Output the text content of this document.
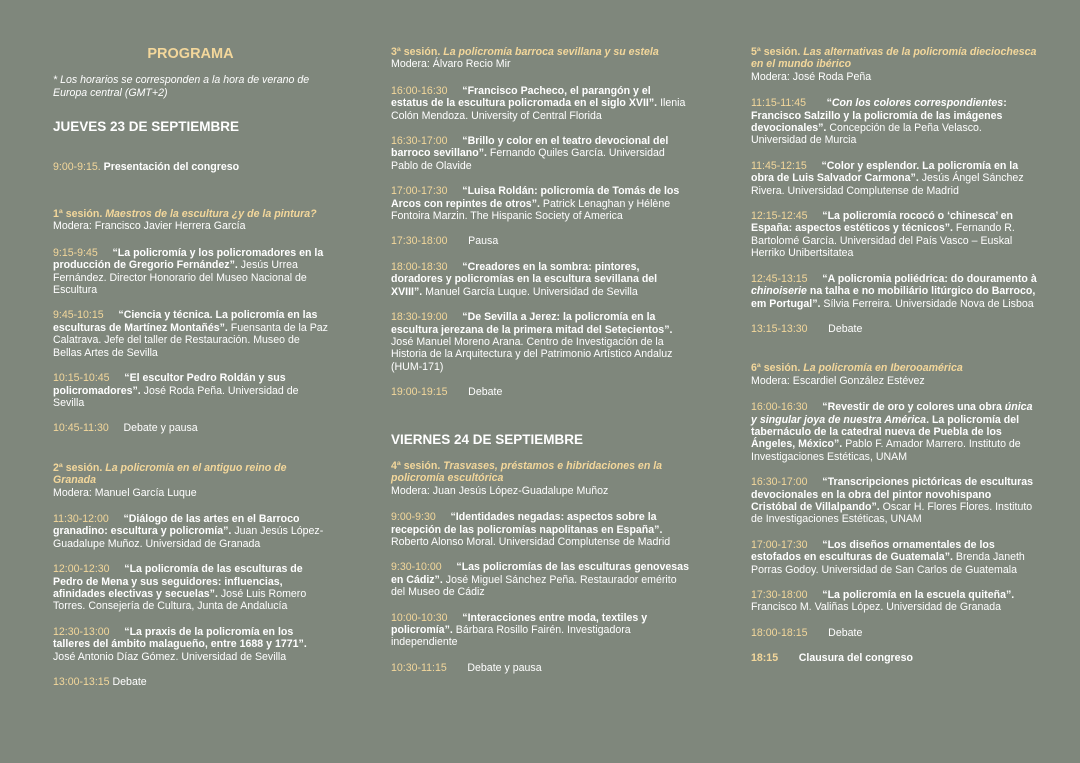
PROGRAMA
* Los horarios se corresponden a la hora de verano de Europa central (GMT+2)
JUEVES 23 DE SEPTIEMBRE
9:00-9:15. Presentación del congreso
1ª sesión. Maestros de la escultura ¿y de la pintura?
Modera: Francisco Javier Herrera García
9:15-9:45 “La policromía y los policromadores en la producción de Gregorio Fernández”. Jesús Urrea Fernández. Director Honorario del Museo Nacional de Escultura
9:45-10:15 “Ciencia y técnica. La policromía en las esculturas de Martínez Montañés”. Fuensanta de la Paz Calatrava. Jefe del taller de Restauración. Museo de Bellas Artes de Sevilla
10:15-10:45 “El escultor Pedro Roldán y sus policromadores”. José Roda Peña. Universidad de Sevilla
10:45-11:30 Debate y pausa
2ª sesión. La policromía en el antiguo reino de Granada
Modera: Manuel García Luque
11:30-12:00 “Diálogo de las artes en el Barroco granadino: escultura y policromía”. Juan Jesús López-Guadalupe Muñoz. Universidad de Granada
12:00-12:30 “La policromía de las esculturas de Pedro de Mena y sus seguidores: influencias, afinidades electivas y secuelas”. José Luis Romero Torres. Consejería de Cultura, Junta de Andalucía
12:30-13:00 “La praxis de la policromía en los talleres del ámbito malagueño, entre 1688 y 1771”. José Antonio Díaz Gómez. Universidad de Sevilla
13:00-13:15 Debate
3ª sesión. La policromía barroca sevillana y su estela
Modera: Álvaro Recio Mir
16:00-16:30 “Francisco Pacheco, el parangón y el estatus de la escultura policromada en el siglo XVII”. Ilenia Colón Mendoza. University of Central Florida
16:30-17:00 “Brillo y color en el teatro devocional del barroco sevillano”. Fernando Quiles García. Universidad Pablo de Olavide
17:00-17:30 “Luisa Roldán: policromía de Tomás de los Arcos con repintes de otros”. Patrick Lenaghan y Hélène Fontoira Marzin. The Hispanic Society of America
17:30-18:00 Pausa
18:00-18:30 “Creadores en la sombra: pintores, doradores y policromías en la escultura sevillana del XVIII”. Manuel García Luque. Universidad de Sevilla
18:30-19:00 “De Sevilla a Jerez: la policromía en la escultura jerezana de la primera mitad del Setecientos”. José Manuel Moreno Arana. Centro de Investigación de la Historia de la Arquitectura y del Patrimonio Artístico Andaluz (HUM-171)
19:00-19:15 Debate
VIERNES 24 DE SEPTIEMBRE
4ª sesión. Trasvases, préstamos e hibridaciones en la policromía escultórica
Modera: Juan Jesús López-Guadalupe Muñoz
9:00-9:30 “Identidades negadas: aspectos sobre la recepción de las policromías napolitanas en España”. Roberto Alonso Moral. Universidad Complutense de Madrid
9:30-10:00 “Las policromías de las esculturas genovesas en Cádiz”. José Miguel Sánchez Peña. Restaurador emérito del Museo de Cádiz
10:00-10:30 “Interacciones entre moda, textiles y policromía”. Bárbara Rosillo Fairén. Investigadora independiente
10:30-11:15 Debate y pausa
5ª sesión. Las alternativas de la policromía dieciochesca en el mundo ibérico
Modera: José Roda Peña
11:15-11:45 “Con los colores correspondientes: Francisco Salzillo y la policromía de las imágenes devocionales”. Concepción de la Peña Velasco. Universidad de Murcia
11:45-12:15 “Color y esplendor. La policromía en la obra de Luis Salvador Carmona”. Jesús Ángel Sánchez Rivera. Universidad Complutense de Madrid
12:15-12:45 “La policromía rococó o ‘chinesca’ en España: aspectos estéticos y técnicos”. Fernando R. Bartolomé García. Universidad del País Vasco – Euskal Herriko Unibertsitatea
12:45-13:15 “A policromia poliédrica: do douramento à chinoiserie na talha e no mobiliário litúrgico do Barroco, em Portugal”. Sílvia Ferreira. Universidade Nova de Lisboa
13:15-13:30 Debate
6ª sesión. La policromía en Iberooamérica
Modera: Escardiel González Estévez
16:00-16:30 “Revestir de oro y colores una obra única y singular joya de nuestra América. La policromía del tabernáculo de la catedral nueva de Puebla de los Ángeles, México”. Pablo F. Amador Marrero. Instituto de Investigaciones Estéticas, UNAM
16:30-17:00 “Transcripciones pictóricas de esculturas devocionales en la obra del pintor novohispano Cristóbal de Villalpando”. Oscar H. Flores Flores. Instituto de Investigaciones Estéticas, UNAM
17:00-17:30 “Los diseños ornamentales de los estofados en esculturas de Guatemala”. Brenda Janeth Porras Godoy. Universidad de San Carlos de Guatemala
17:30-18:00 “La policromía en la escuela quiteña”. Francisco M. Valiñas López. Universidad de Granada
18:00-18:15 Debate
18:15 Clausura del congreso
